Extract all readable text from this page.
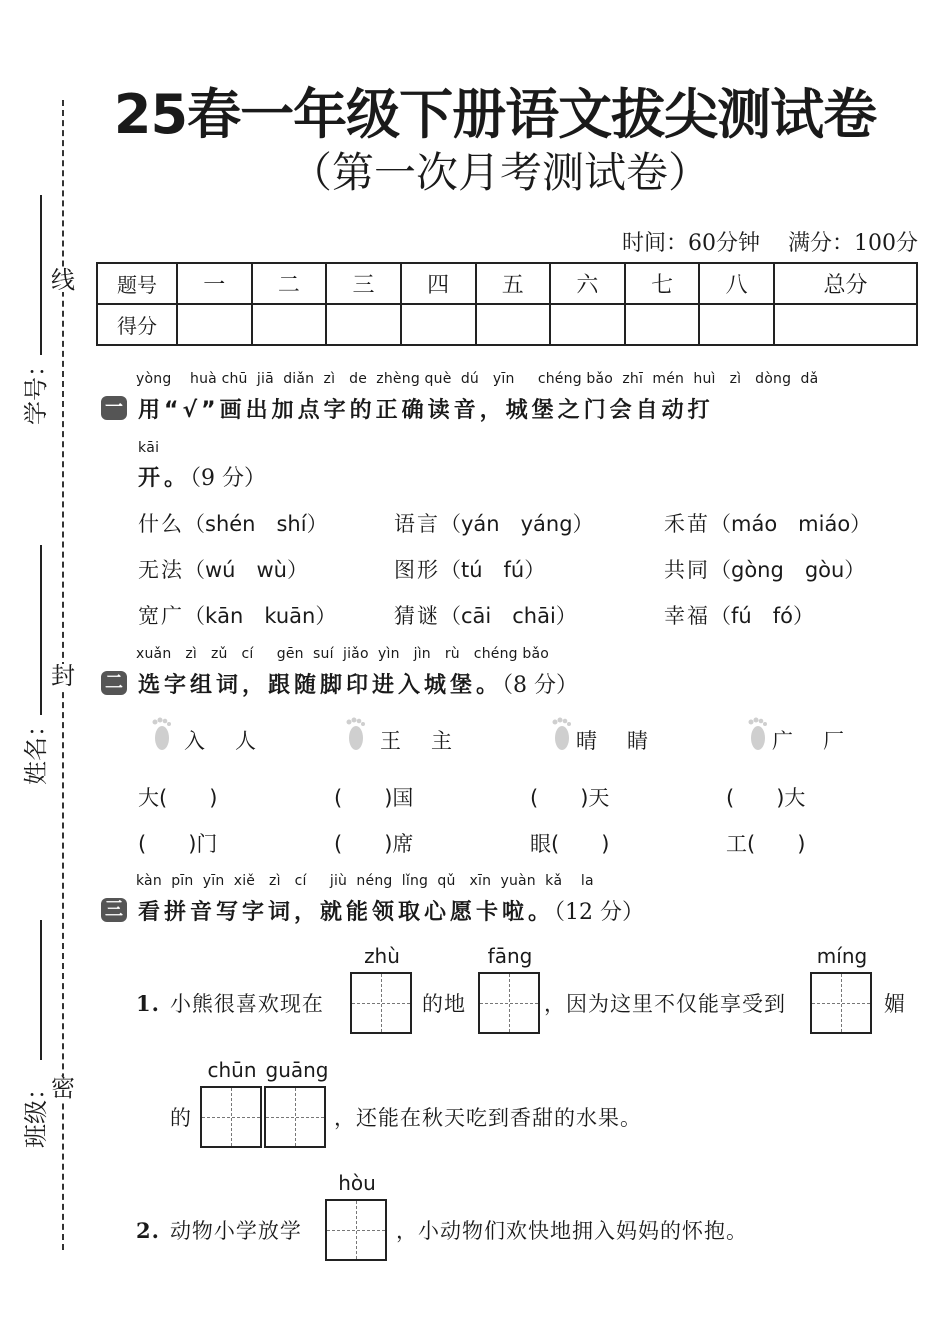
线
封
密
学号：
姓名：
班级：
25春一年级下册语文拔尖测试卷
（第一次月考测试卷）
时间：60分钟 满分：100分
题号	一	二	三	四	五	六	七	八	总分
得分									
yòng    huà chū  jiā  diǎn  zì   de  zhèng què  dú   yīn     chéng bǎo  zhī  mén  huì   zì   dòng  dǎ
一 用“√”画出加点字的正确读音，城堡之门会自动打
kāi
开。（9 分）
什么（shén　shí）	语言（yán　yáng）	禾苗（máo　miáo）
无法（wú　wù）	图形（tú　fú）	共同（gòng　gòu）
宽广（kān　kuān）	猜谜（cāi　chāi）	幸福（fú　fó）
xuǎn   zì   zǔ   cí     gēn  suí  jiǎo  yìn   jìn   rù   chéng bǎo
二 选字组词，跟随脚印进入城堡。（8 分）
入 人	王 主	晴 睛	广 厂
大(　　)	(　　)国	(　　)天	(　　)大
(　　)门	(　　)席	眼(　　)	工(　　)
kàn  pīn  yīn  xiě   zì   cí     jiù  néng  lǐng  qǔ   xīn  yuàn  kǎ    la
三 看拼音写字词，就能领取心愿卡啦。（12 分）
1. 小熊很喜欢现在
zhù
的地
fāng
，因为这里不仅能享受到
míng
媚
的
chūn guāng
，还能在秋天吃到香甜的水果。
2. 动物小学放学
hòu
，小动物们欢快地拥入妈妈的怀抱。
